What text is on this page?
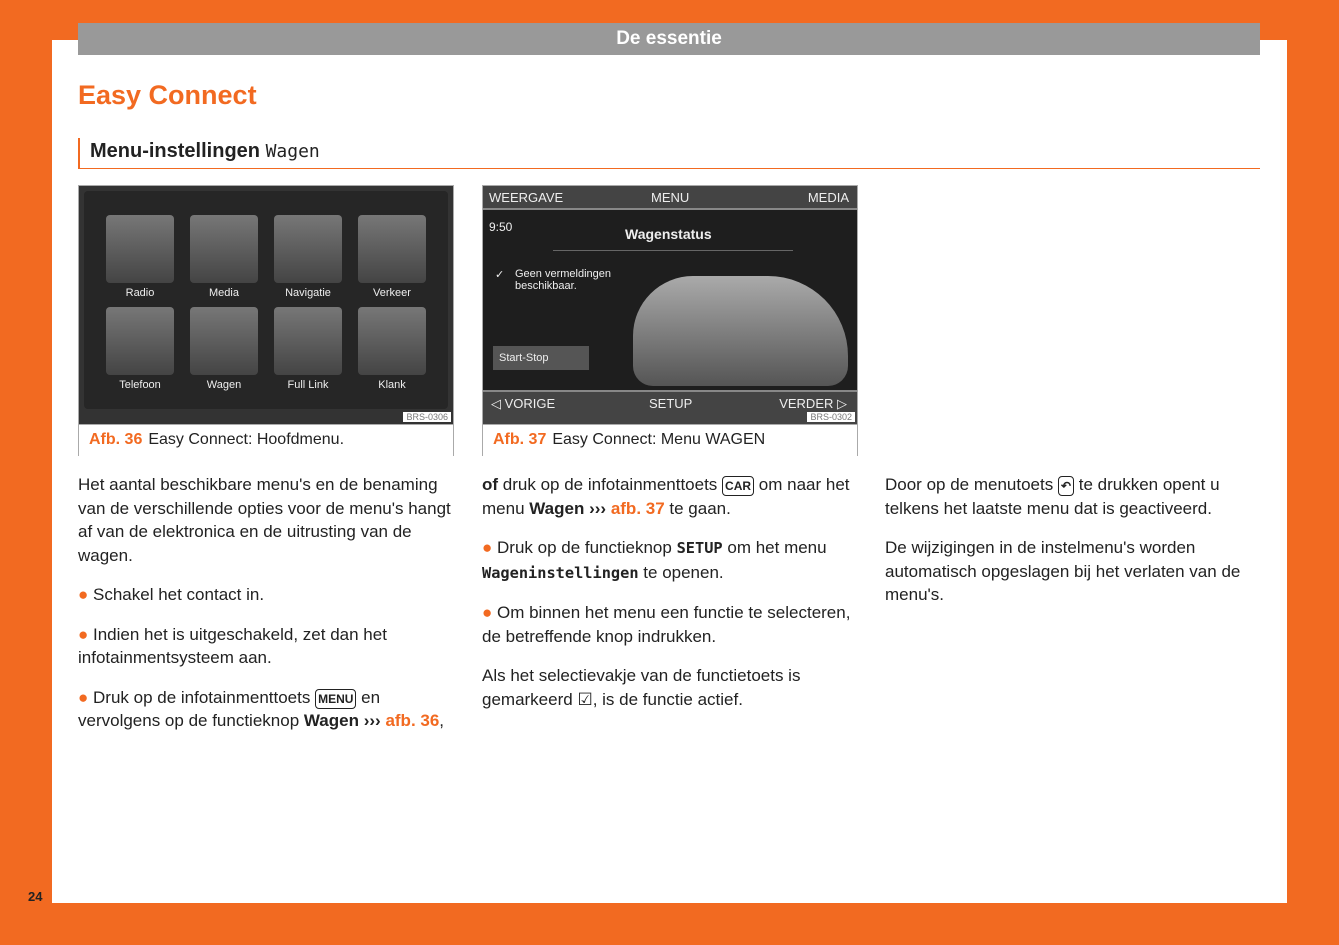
De essentie
Easy Connect
Menu-instellingen Wagen
Radio	Media	Navigatie	Verkeer
Telefoon	Wagen	Full Link	Klank
BRS-0306
Afb. 36 Easy Connect: Hoofdmenu.
WEERGAVE	MENU	MEDIA
9:50	Wagenstatus
✓ Geen vermeldingen beschikbaar.
Start-Stop
◁ VORIGE	SETUP	VERDER ▷
BRS-0302
Afb. 37 Easy Connect: Menu WAGEN

Het aantal beschikbare menu's en de benaming van de verschillende opties voor de menu's hangt af van de elektronica en de uitrusting van de wagen.

● Schakel het contact in.

● Indien het is uitgeschakeld, zet dan het infotainmentsysteem aan.

● Druk op de infotainmenttoets MENU en vervolgens op de functieknop Wagen ››› afb. 36,

of druk op de infotainmenttoets CAR om naar het menu Wagen ››› afb. 37 te gaan.

● Druk op de functieknop SETUP om het menu Wageninstellingen te openen.

● Om binnen het menu een functie te selecteren, de betreffende knop indrukken.

Als het selectievakje van de functietoets is gemarkeerd ☑, is de functie actief.

Door op de menutoets ↶ te drukken opent u telkens het laatste menu dat is geactiveerd.

De wijzigingen in de instelmenu's worden automatisch opgeslagen bij het verlaten van de menu's.

24
